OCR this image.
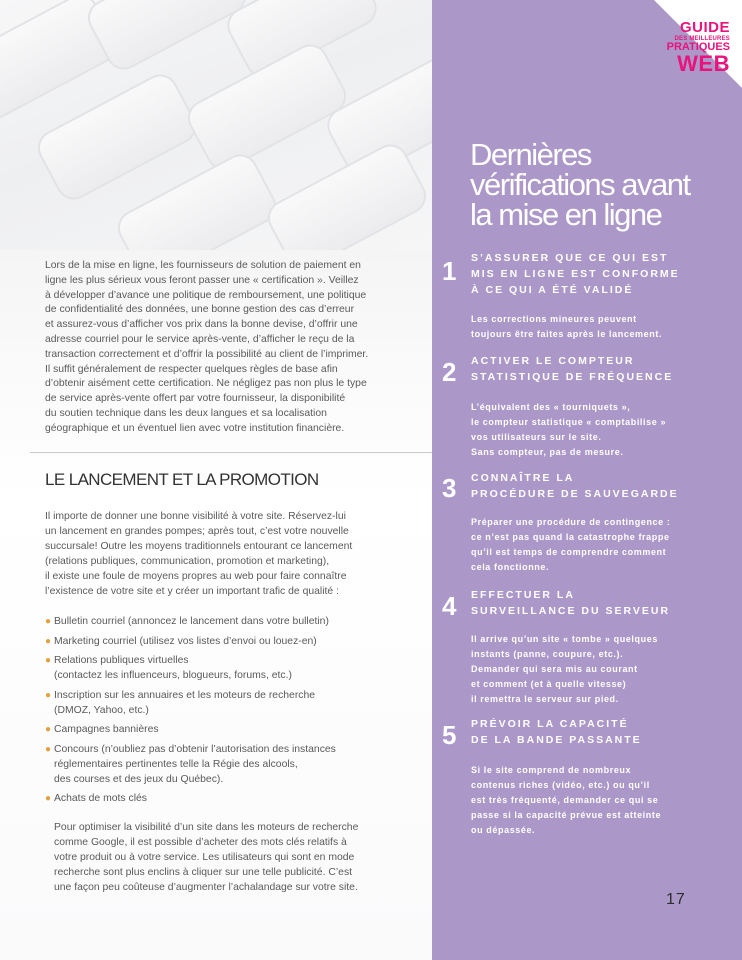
GUIDE
DES MEILLEURES
PRATIQUES
WEB
Dernières
vérifications avant
la mise en ligne
1 S’ASSURER QUE CE QUI EST
MIS EN LIGNE EST CONFORME
À CE QUI A ÉTÉ VALIDÉ
Les corrections mineures peuvent
toujours être faites après le lancement.
2 ACTIVER LE COMPTEUR
STATISTIQUE DE FRÉQUENCE
L’équivalent des « tourniquets »,
le compteur statistique « comptabilise »
vos utilisateurs sur le site.
Sans compteur, pas de mesure.
3 CONNAÎTRE LA
PROCÉDURE DE SAUVEGARDE
Préparer une procédure de contingence :
ce n’est pas quand la catastrophe frappe
qu’il est temps de comprendre comment
cela fonctionne.
4 EFFECTUER LA
SURVEILLANCE DU SERVEUR
Il arrive qu’un site « tombe » quelques
instants (panne, coupure, etc.).
Demander qui sera mis au courant
et comment (et à quelle vitesse)
il remettra le serveur sur pied.
5 PRÉVOIR LA CAPACITÉ
DE LA BANDE PASSANTE
Si le site comprend de nombreux
contenus riches (vidéo, etc.) ou qu’il
est très fréquenté, demander ce qui se
passe si la capacité prévue est atteinte
ou dépassée.
17
Lors de la mise en ligne, les fournisseurs de solution de paiement en
ligne les plus sérieux vous feront passer une « certification ». Veillez
à développer d’avance une politique de remboursement, une politique
de confidentialité des données, une bonne gestion des cas d’erreur
et assurez-vous d’afficher vos prix dans la bonne devise, d’offrir une
adresse courriel pour le service après-vente, d’afficher le reçu de la
transaction correctement et d’offrir la possibilité au client de l’imprimer.
Il suffit généralement de respecter quelques règles de base afin
d’obtenir aisément cette certification. Ne négligez pas non plus le type
de service après-vente offert par votre fournisseur, la disponibilité
du soutien technique dans les deux langues et sa localisation
géographique et un éventuel lien avec votre institution financière.
LE LANCEMENT ET LA PROMOTION
Il importe de donner une bonne visibilité à votre site. Réservez-lui
un lancement en grandes pompes; après tout, c’est votre nouvelle
succursale! Outre les moyens traditionnels entourant ce lancement
(relations publiques, communication, promotion et marketing),
il existe une foule de moyens propres au web pour faire connaître
l’existence de votre site et y créer un important trafic de qualité :
● Bulletin courriel (annoncez le lancement dans votre bulletin)
● Marketing courriel (utilisez vos listes d’envoi ou louez-en)
● Relations publiques virtuelles
(contactez les influenceurs, blogueurs, forums, etc.)
● Inscription sur les annuaires et les moteurs de recherche
(DMOZ, Yahoo, etc.)
● Campagnes bannières
● Concours (n’oubliez pas d’obtenir l’autorisation des instances
réglementaires pertinentes telle la Régie des alcools,
des courses et des jeux du Québec).
● Achats de mots clés
Pour optimiser la visibilité d’un site dans les moteurs de recherche
comme Google, il est possible d’acheter des mots clés relatifs à
votre produit ou à votre service. Les utilisateurs qui sont en mode
recherche sont plus enclins à cliquer sur une telle publicité. C’est
une façon peu coûteuse d’augmenter l’achalandage sur votre site.
